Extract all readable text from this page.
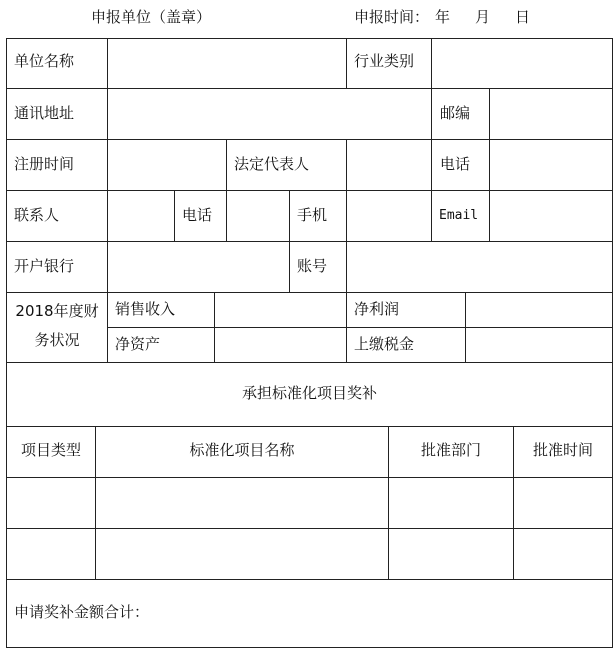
申报单位（盖章）	申报时间： 年 月 日
单位名称	行业类别
通讯地址	邮编
注册时间	法定代表人	电话
联系人	电话	手机	Email
开户银行	账号
2018年度财
务状况
销售收入	净利润
净资产	上缴税金
承担标准化项目奖补
项目类型	标准化项目名称	批准部门	批准时间
申请奖补金额合计：
